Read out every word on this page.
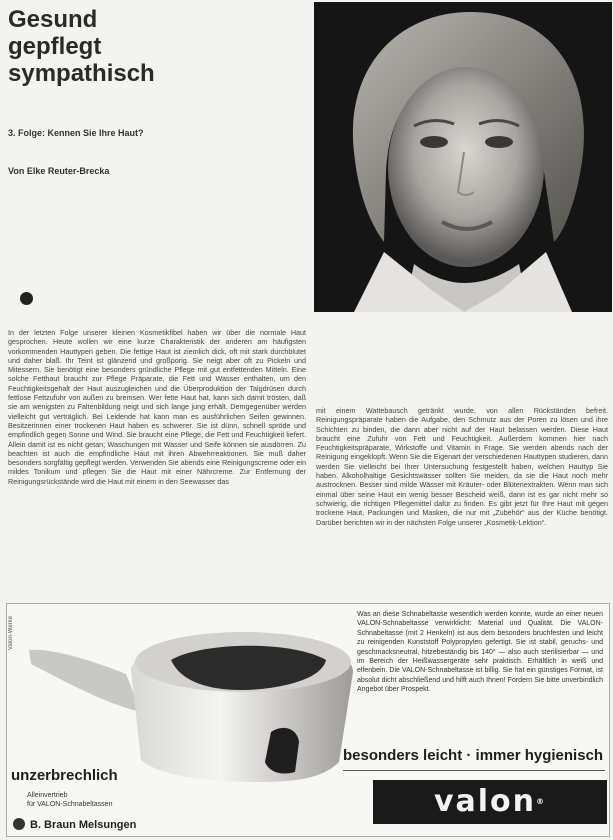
Gesund
gepflegt
sympathisch
3. Folge: Kennen Sie Ihre Haut?
Von Elke Reuter-Brecka

In der letzten Folge unserer kleinen Kosmetikfibel haben wir über die normale Haut gesprochen. Heute wollen wir eine kurze Charakteristik der anderen am häufigsten vorkommenden Hauttypen geben. Die fettige Haut ist ziemlich dick, oft mit stark durchblutet und daher blaß. Ihr Teint ist glänzend und großporig. Sie neigt aber oft zu Pickeln und Mitessern. Sie benötigt eine besonders gründliche Pflege mit gut entfettenden Mitteln. Eine solche Fetthaut braucht zur Pflege Präparate, die Fett und Wasser enthalten, um den Feuchtigkeitsgehalt der Haut auszugleichen und die Überproduktion der Talgdrüsen durch fettlose Fettzufuhr von außen zu bremsen. Wer fette Haut hat, kann sich damit trösten, daß sie am wenigsten zu Faltenbildung neigt und sich lange jung erhält. Demgegenüber werden vielleicht gut verträglich. Bei Leidende hat kann man es ausführlichen Seifen gewinnen. Besitzerinnen einer trockenen Haut haben es schwerer. Sie ist dünn, schnell spröde und empfindlich gegen Sonne und Wind. Sie braucht eine Pflege, die Fett und Feuchtigkeit liefert. Allein damit ist es nicht getan; Waschungen mit Wasser und Seife können sie ausdörren. Zu beachten ist auch die empfindliche Haut mit ihren Abwehrreaktionen. Sie muß daher besonders sorgfältig gepflegt werden. Verwenden Sie abends eine Reinigungscreme oder ein mildes Tonikum und pflegen Sie die Haut mit einer Nährcreme. Zur Entfernung der Reinigungsrückstände wird die Haut mit einem in den Seewasser das

mit einem Wattebausch getränkt wurde, von allen Rückständen befreit. Reinigungspräparate haben die Aufgabe, den Schmutz aus der Poren zu lösen und ihre Schichten zu binden, die dann aber nicht auf der Haut belassen werden. Diese Haut braucht eine Zufuhr von Fett und Feuchtigkeit. Außerdem kommen hier nach Feuchtigkeitspräparate, Wirkstoffe und Vitamin in Frage. Sie werden abends nach der Reinigung eingeklopft. Wenn Sie die Eigenart der verschiedenen Hauttypen studieren, dann werden Sie vielleicht bei Ihrer Untersuchung festgestellt haben, welchen Hauttyp Sie haben. Alkoholhaltige Gesichtswässer sollten Sie meiden, da sie die Haut noch mehr austrocknen. Besser sind milde Wässer mit Kräuter- oder Blütenextrakten. Wenn man sich einmal über seine Haut ein wenig besser Bescheid weiß, dann ist es gar nicht mehr so schwierig, die richtigen Pflegemittel dafür zu finden. Es gibt jetzt für Ihre Haut mit gegen trockene Haut, Packungen und Masken, die nur mit „Zubehör“ aus der Küche benötigt. Darüber berichten wir in der nächsten Folge unserer „Kosmetik-Lektion“.

Valon-Werke
Was an diese Schnabeltasse wesentlich werden konnte, wurde an einer neuen VALON-Schnabeltasse verwirklicht: Material und Qualität. Die VALON-Schnabeltasse (mit 2 Henkeln) ist aus dem besonders bruchfesten und leicht zu reinigenden Kunststoff Polypropylen gefertigt. Sie ist stabil, geruchs- und geschmacksneutral, hitzebeständig bis 140° — also auch sterilisierbar — und im Bereich der Heißwassergeräte sehr praktisch. Erhältlich in weiß und elfenbein. Die VALON-Schnabeltasse ist billig. Sie hat ein günstiges Format, ist absolut dicht abschließend und hilft auch Ihnen! Fordern Sie bitte unverbindlich Angebot über Prospekt.
unzerbrechlich
besonders leicht · immer hygienisch
Alleinvertrieb
für VALON-Schnabeltassen
B. Braun Melsungen
valon®
